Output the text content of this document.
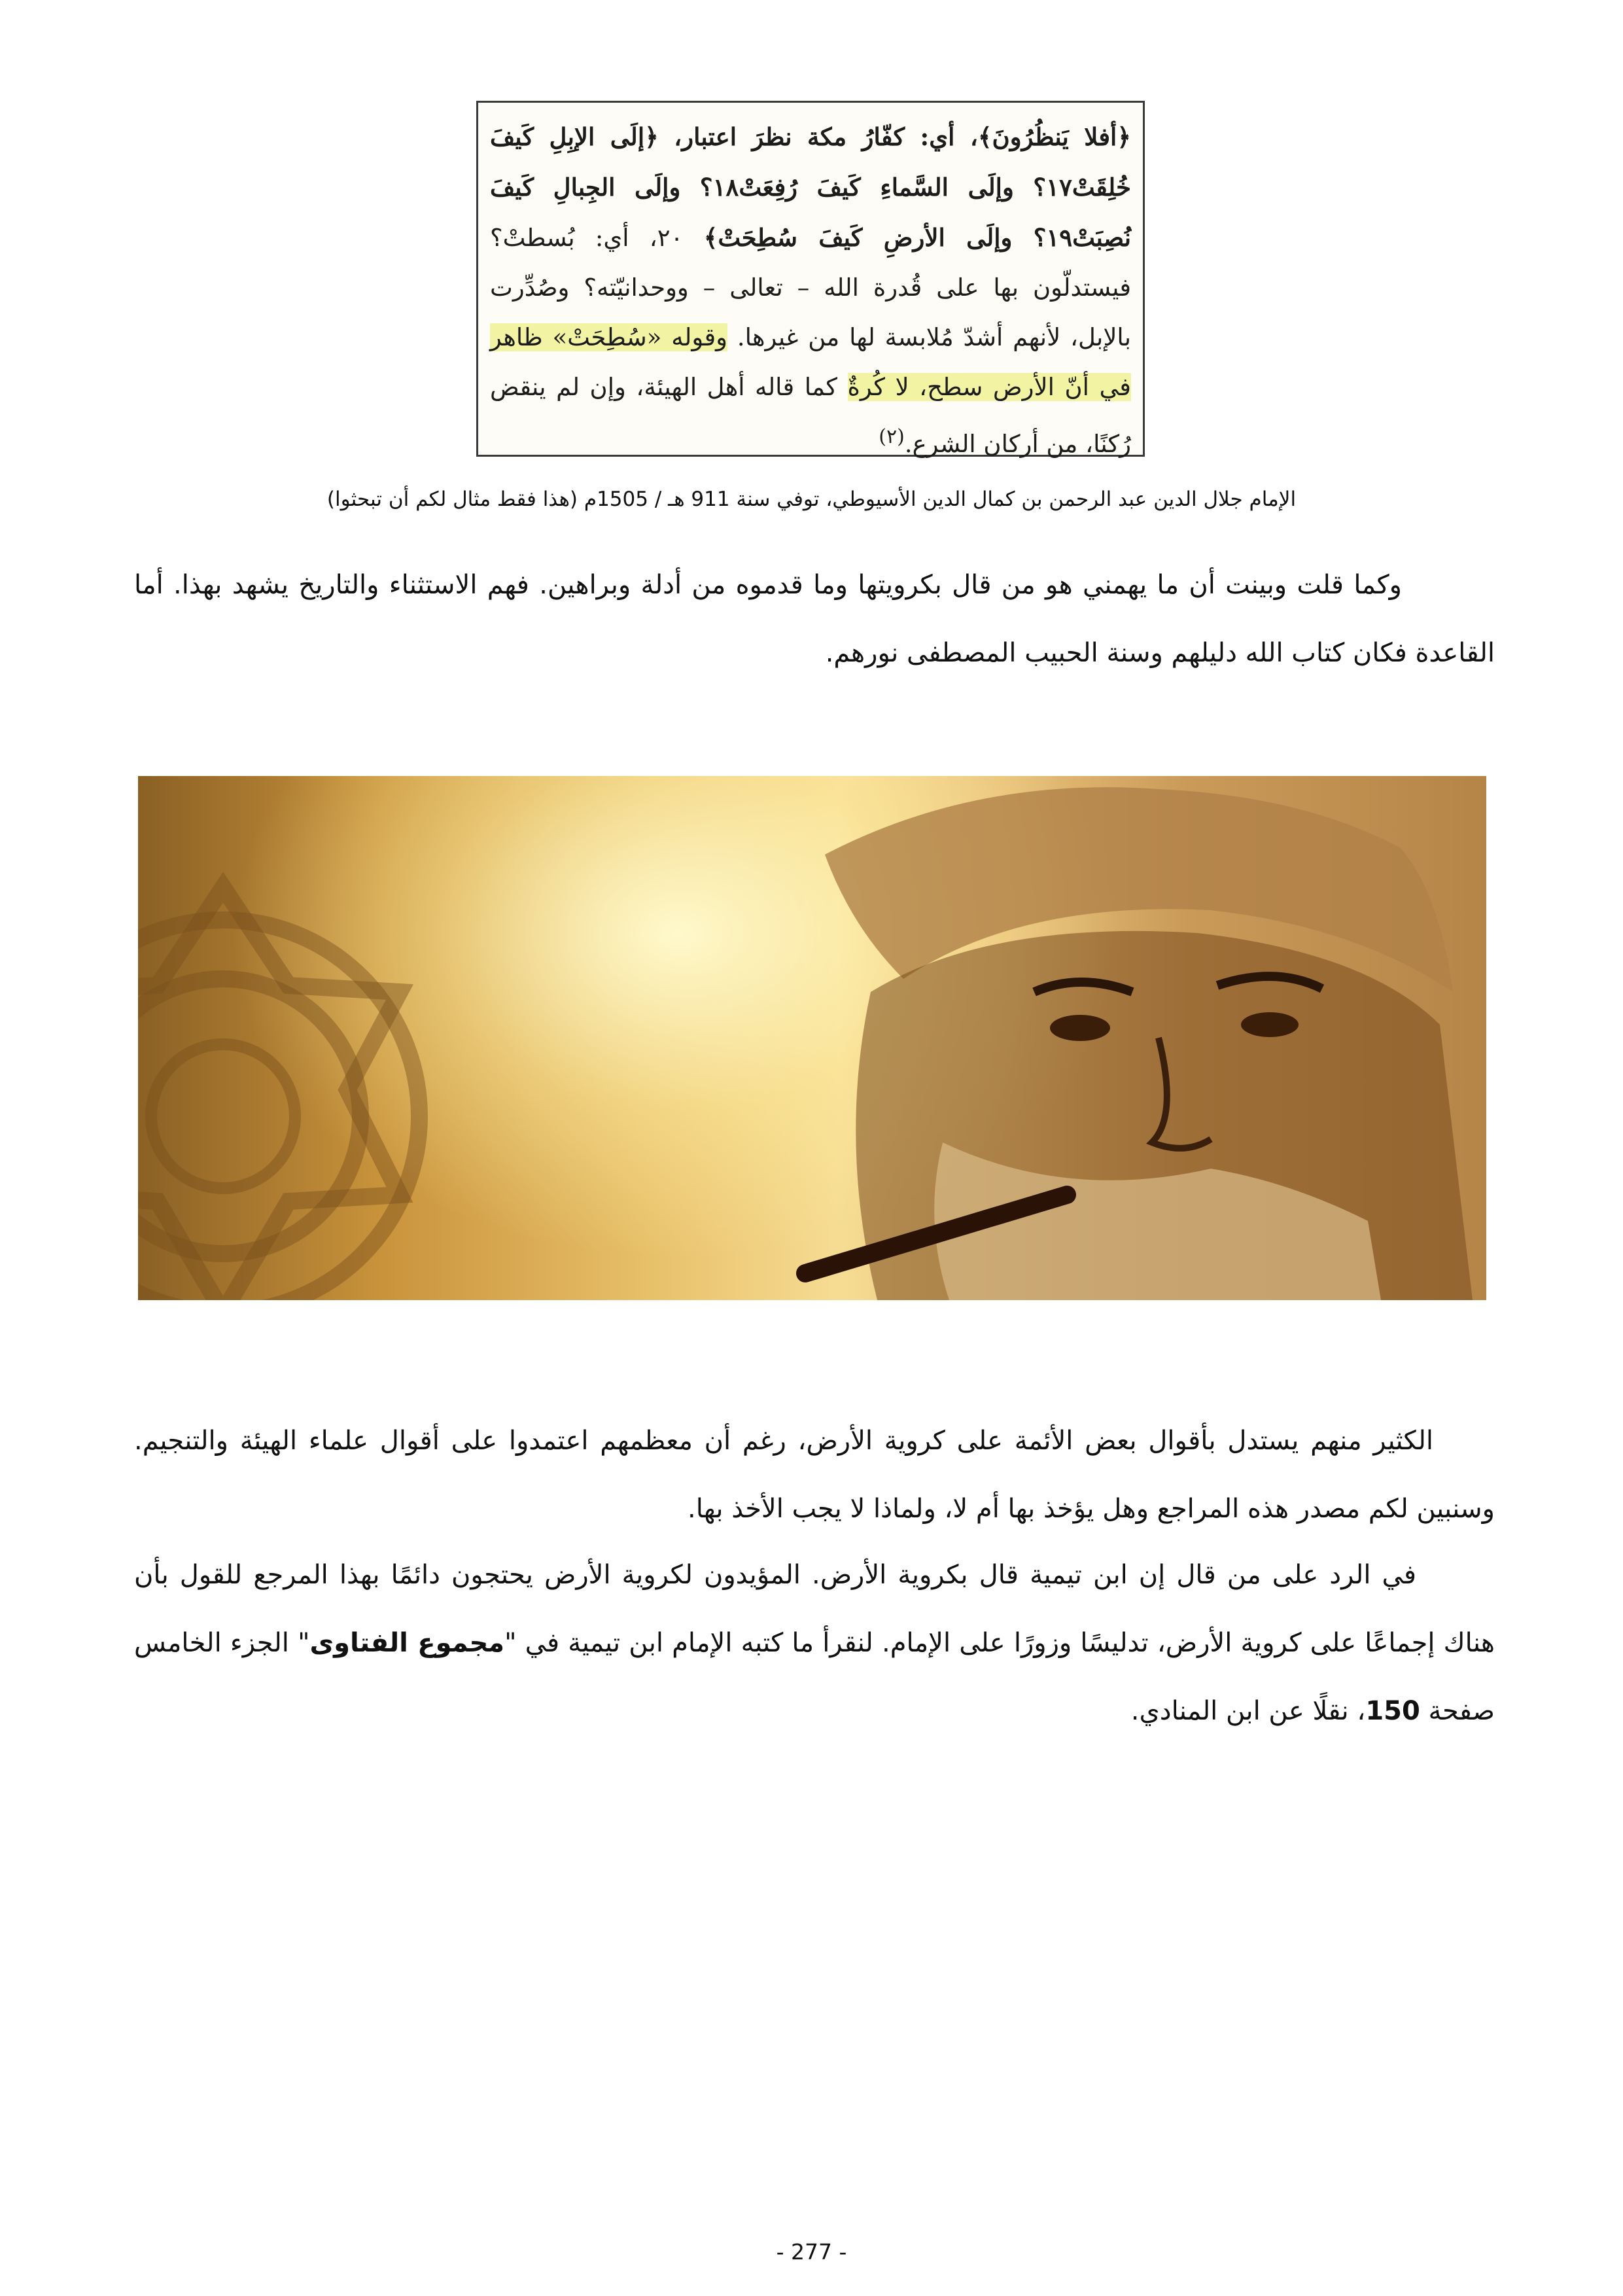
﴿أفلا يَنظُرُونَ﴾، أي: كفّارُ مكة نظرَ اعتبار، ﴿إلَى الإبِلِ كَيفَ خُلِقَتْ١٧؟ وإلَى السَّماءِ كَيفَ رُفِعَتْ١٨؟ وإلَى الجِبالِ كَيفَ نُصِبَتْ١٩؟ وإلَى الأرضِ كَيفَ سُطِحَتْ﴾ ٢٠، أي: بُسطتْ؟ فيستدلّون بها على قُدرة الله – تعالى – ووحدانيّته؟ وصُدِّرت بالإبل، لأنهم أشدّ مُلابسة لها من غيرها. وقوله «سُطِحَتْ» ظاهر في أنّ الأرض سطح، لا كُرةٌ كما قاله أهل الهيئة، وإن لم ينقض رُكنًا، من أركان الشرع.$^{(٢)}$

الإمام جلال الدين عبد الرحمن بن كمال الدين الأسيوطي، توفي سنة 911 هـ / 1505م (هذا فقط مثال لكم أن تبحثوا)

وكما قلت وبينت أن ما يهمني هو من قال بكرويتها وما قدموه من أدلة وبراهين. فهم الاستثناء والتاريخ يشهد بهذا. أما القاعدة فكان كتاب الله دليلهم وسنة الحبيب المصطفى نورهم.

الكثير منهم يستدل بأقوال بعض الأئمة على كروية الأرض، رغم أن معظمهم اعتمدوا على أقوال علماء الهيئة والتنجيم. وسنبين لكم مصدر هذه المراجع وهل يؤخذ بها أم لا، ولماذا لا يجب الأخذ بها.

في الرد على من قال إن ابن تيمية قال بكروية الأرض. المؤيدون لكروية الأرض يحتجون دائمًا بهذا المرجع للقول بأن هناك إجماعًا على كروية الأرض، تدليسًا وزورًا على الإمام. لنقرأ ما كتبه الإمام ابن تيمية في "مجموع الفتاوى" الجزء الخامس صفحة 150، نقلًا عن ابن المنادي.

- 277 -
